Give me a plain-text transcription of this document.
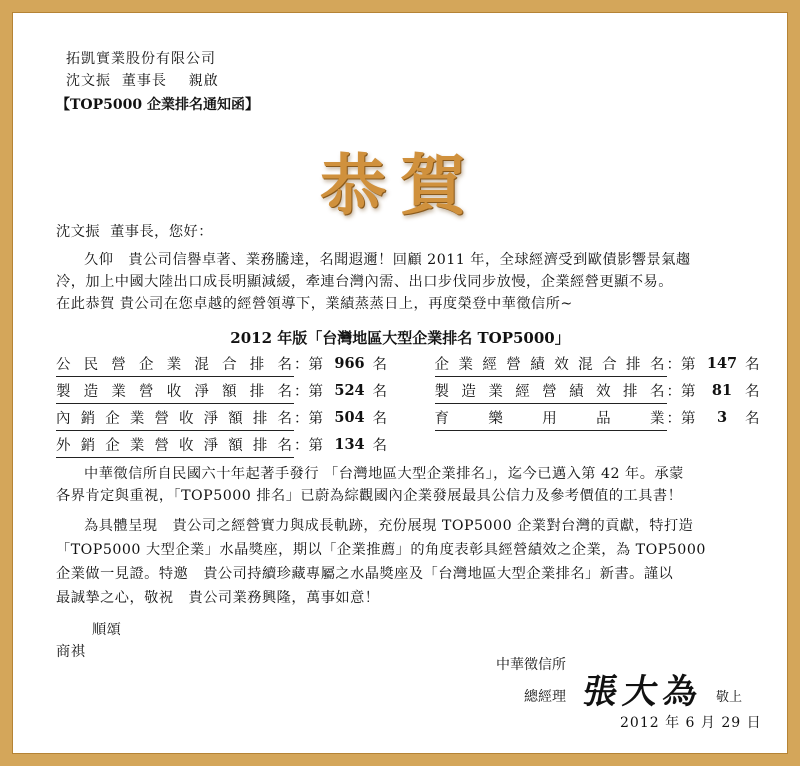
拓凱實業股份有限公司
沈文振  董事長    親啟
【TOP5000 企業排名通知函】
恭賀
沈文振  董事長，您好：
久仰   貴公司信譽卓著、業務騰達，名聞遐邇！回顧 2011 年，全球經濟受到歐債影響景氣趨
冷，加上中國大陸出口成長明顯減緩，牽連台灣內需、出口步伐同步放慢，企業經營更顯不易。
在此恭賀 貴公司在您卓越的經營領導下，業績蒸蒸日上，再度榮登中華徵信所~
2012 年版「台灣地區大型企業排名 TOP5000」
公民營企業混合排名	：	第	966	名		企業經營績效混合排名	：	第	147	名
製造業營收淨額排名	：	第	524	名		製造業經營績效排名	：	第	81	名
內銷企業營收淨額排名	：	第	504	名		育樂用品業	：	第	3	名
外銷企業營收淨額排名	：	第	134	名						
中華徵信所自民國六十年起著手發行 「台灣地區大型企業排名」，迄今已邁入第 42 年。承蒙
各界肯定與重視，「TOP5000 排名」已蔚為綜觀國內企業發展最具公信力及參考價值的工具書！
為具體呈現   貴公司之經營實力與成長軌跡，充份展現 TOP5000 企業對台灣的貢獻，特打造
「TOP5000 大型企業」水晶獎座，期以「企業推薦」的角度表彰具經營績效之企業，為 TOP5000
企業做一見證。特邀   貴公司持續珍藏專屬之水晶獎座及「台灣地區大型企業排名」新書。謹以
最誠摯之心，敬祝   貴公司業務興隆，萬事如意！
順頌
商祺
中華徵信所
總經理 張大為 敬上
2012 年 6 月 29 日
